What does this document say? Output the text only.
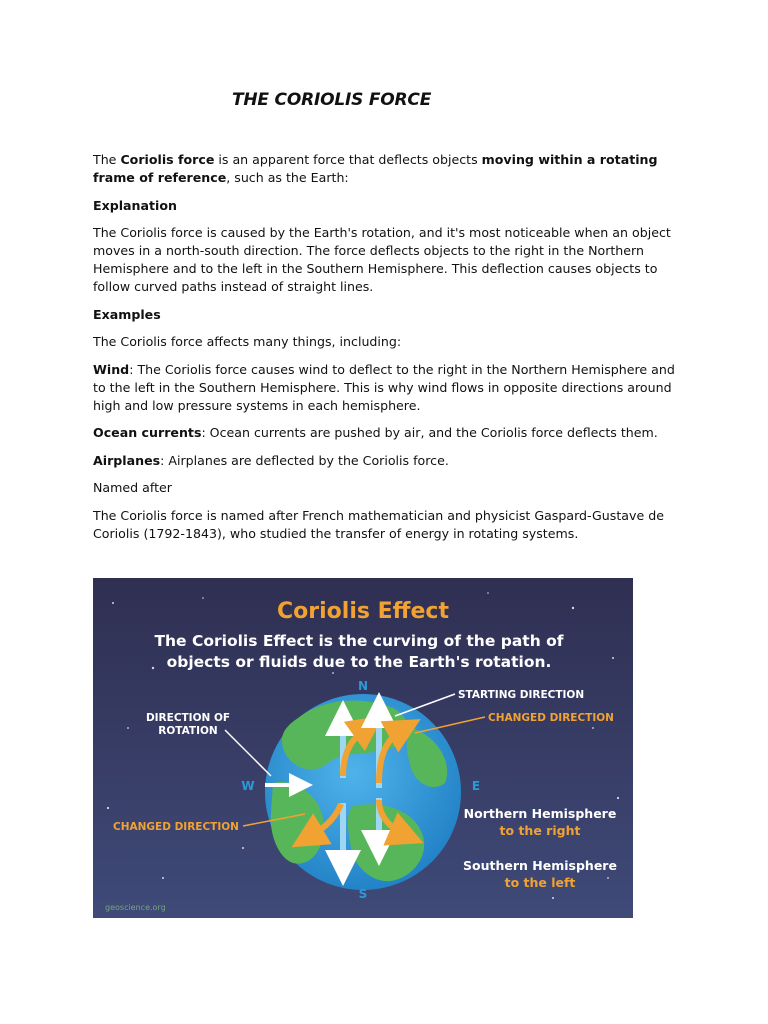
THE CORIOLIS FORCE

The Coriolis force is an apparent force that deflects objects moving within a rotating frame of reference, such as the Earth:

Explanation

The Coriolis force is caused by the Earth's rotation, and it's most noticeable when an object moves in a north-south direction. The force deflects objects to the right in the Northern Hemisphere and to the left in the Southern Hemisphere. This deflection causes objects to follow curved paths instead of straight lines.

Examples

The Coriolis force affects many things, including:

Wind: The Coriolis force causes wind to deflect to the right in the Northern Hemisphere and to the left in the Southern Hemisphere. This is why wind flows in opposite directions around high and low pressure systems in each hemisphere.

Ocean currents: Ocean currents are pushed by air, and the Coriolis force deflects them.

Airplanes: Airplanes are deflected by the Coriolis force.

Named after

The Coriolis force is named after French mathematician and physicist Gaspard-Gustave de Coriolis (1792-1843), who studied the transfer of energy in rotating systems.

Coriolis Effect
The Coriolis Effect is the curving of the path of
objects or fluids due to the Earth's rotation.
N
E
W
S
STARTING DIRECTION
CHANGED DIRECTION
DIRECTION OF
ROTATION
CHANGED DIRECTION
Northern Hemisphere
to the right
Southern Hemisphere
to the left
geoscience.org
